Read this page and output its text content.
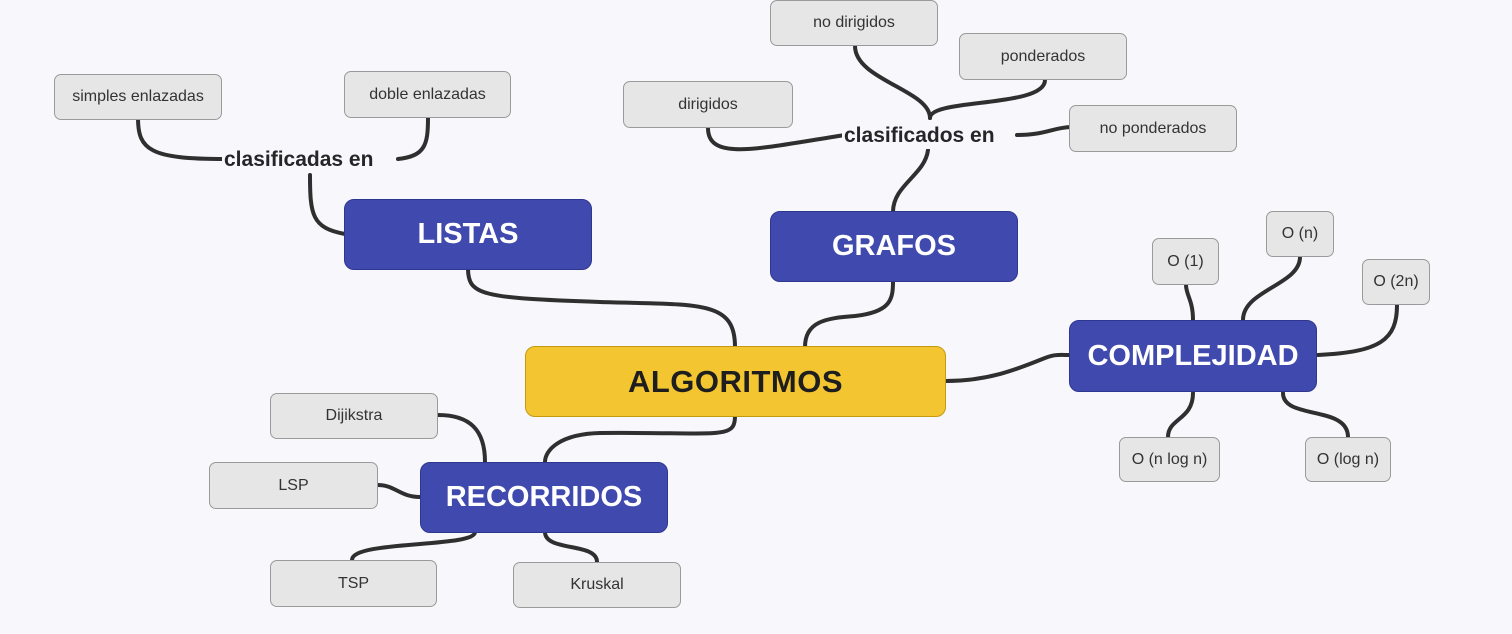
ALGORITMOS
LISTAS	GRAFOS
COMPLEJIDAD
RECORRIDOS
clasificadas en
clasificados en
simples enlazadas	doble enlazadas
dirigidos
no dirigidos
ponderados
no ponderados
O (1)
O (n)
O (2n)
O (n log n)	O (log n)
Dijikstra
LSP
TSP	Kruskal
